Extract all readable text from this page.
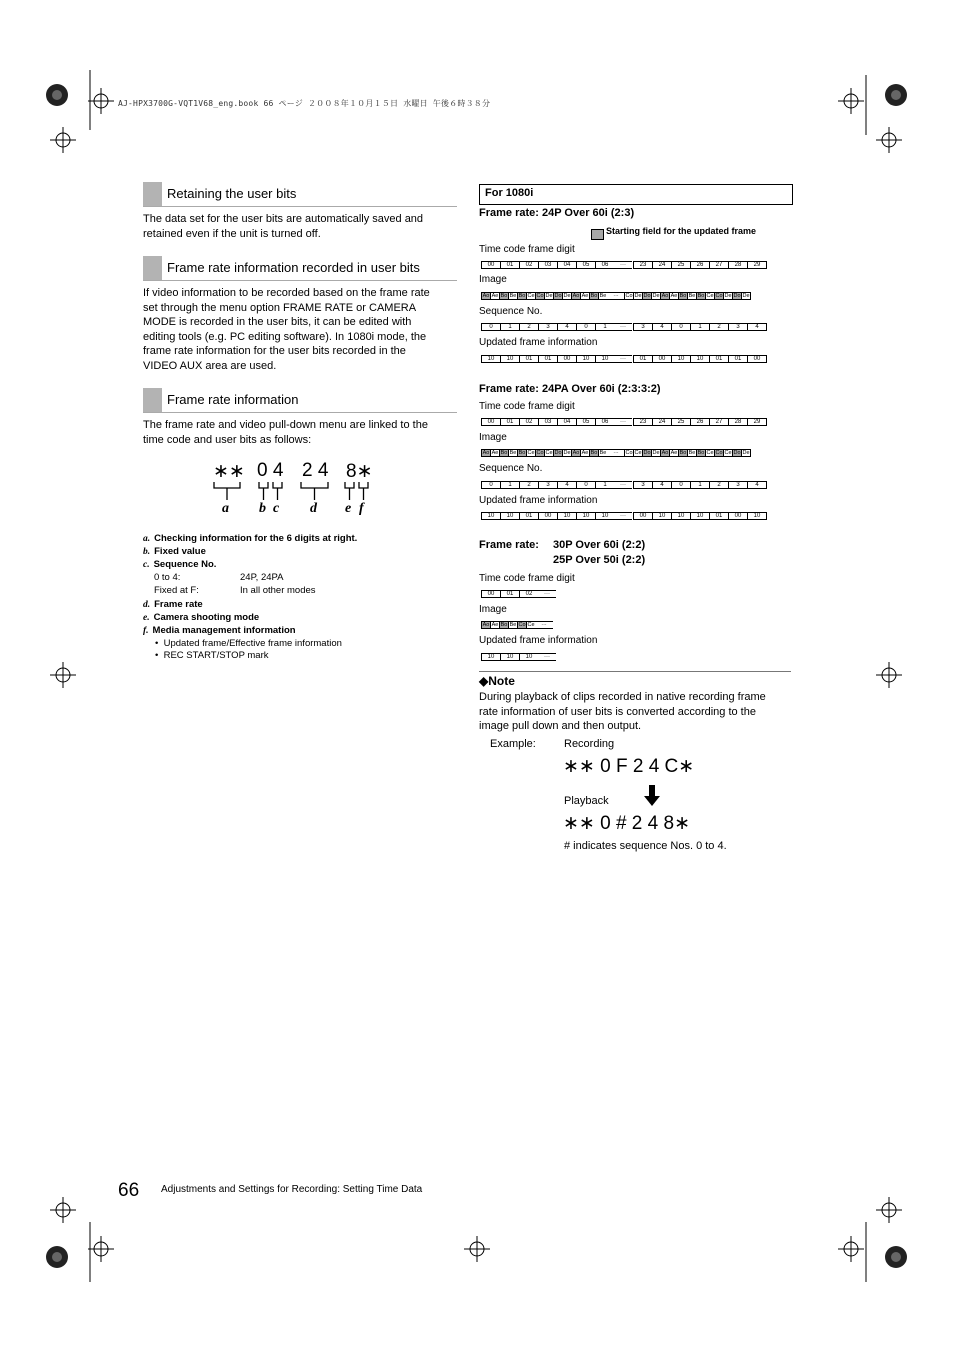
AJ-HPX3700G-VQT1V68_eng.book 66 ページ ２００８年１０月１５日 水曜日 午後６時３８分
Retaining the user bits
The data set for the user bits are automatically saved and
retained even if the unit is turned off.
Frame rate information recorded in user bits
If video information to be recorded based on the frame rate
set through the menu option FRAME RATE or CAMERA
MODE is recorded in the user bits, it can be edited with
editing tools (e.g. PC editing software). In 1080i mode, the
frame rate information for the user bits recorded in the
VIDEO AUX area are used.
Frame rate information
The frame rate and video pull-down menu are linked to the
time code and user bits as follows:
∗∗ 0 4 2 4 8∗
a b c d e f
a. Checking information for the 6 digits at right.
b. Fixed value
c. Sequence No.
0 to 4:	24P, 24PA
Fixed at F:	In all other modes
d. Frame rate
e. Camera shooting mode
f. Media management information
•  Updated frame/Effective frame information
•  REC START/STOP mark
For 1080i
Frame rate: 24P Over 60i (2:3)
Starting field for the updated frame
Time code frame digit
00	01	02	03	04	05	06	···	23	24	25	26	27	28	29
Image
Ao Ae Bo Be Bo Ce Co De Do De Ao Ae Bo Be	···	Co De Do De Ao Ae Bo Be Bo Ce Co De Do De
Sequence No.
0	1	2	3	4	0	1	···	3	4	0	1	2	3	4
Updated frame information
10	10	01	01	00	10	10	···	01	00	10	10	01	01	00
Frame rate: 24PA Over 60i (2:3:3:2)
Time code frame digit
00	01	02	03	04	05	06	···	23	24	25	26	27	28	29
Image
Ao Ae Bo Be Bo Ce Co Ce Do De Ao Ae Bo Be	···	Co Ce Do De Ao Ae Bo Be Bo Ce Co Ce Do De
Sequence No.
0	1	2	3	4	0	1	···	3	4	0	1	2	3	4
Updated frame information
10	10	01	00	10	10	10	···	00	10	10	10	01	00	10
Frame rate: 30P Over 60i (2:2)
25P Over 50i (2:2)
Time code frame digit
00	01	02	···
Image
Ao Ae Bo Be Co Ce	···
Updated frame information
10	10	10	···
◆Note
During playback of clips recorded in native recording frame
rate information of user bits is converted according to the
image pull down and then output.
Example:	Recording
∗∗ 0 F 2 4 C∗
Playback
∗∗ 0 # 2 4 8∗
# indicates sequence Nos. 0 to 4.
66 Adjustments and Settings for Recording: Setting Time Data
